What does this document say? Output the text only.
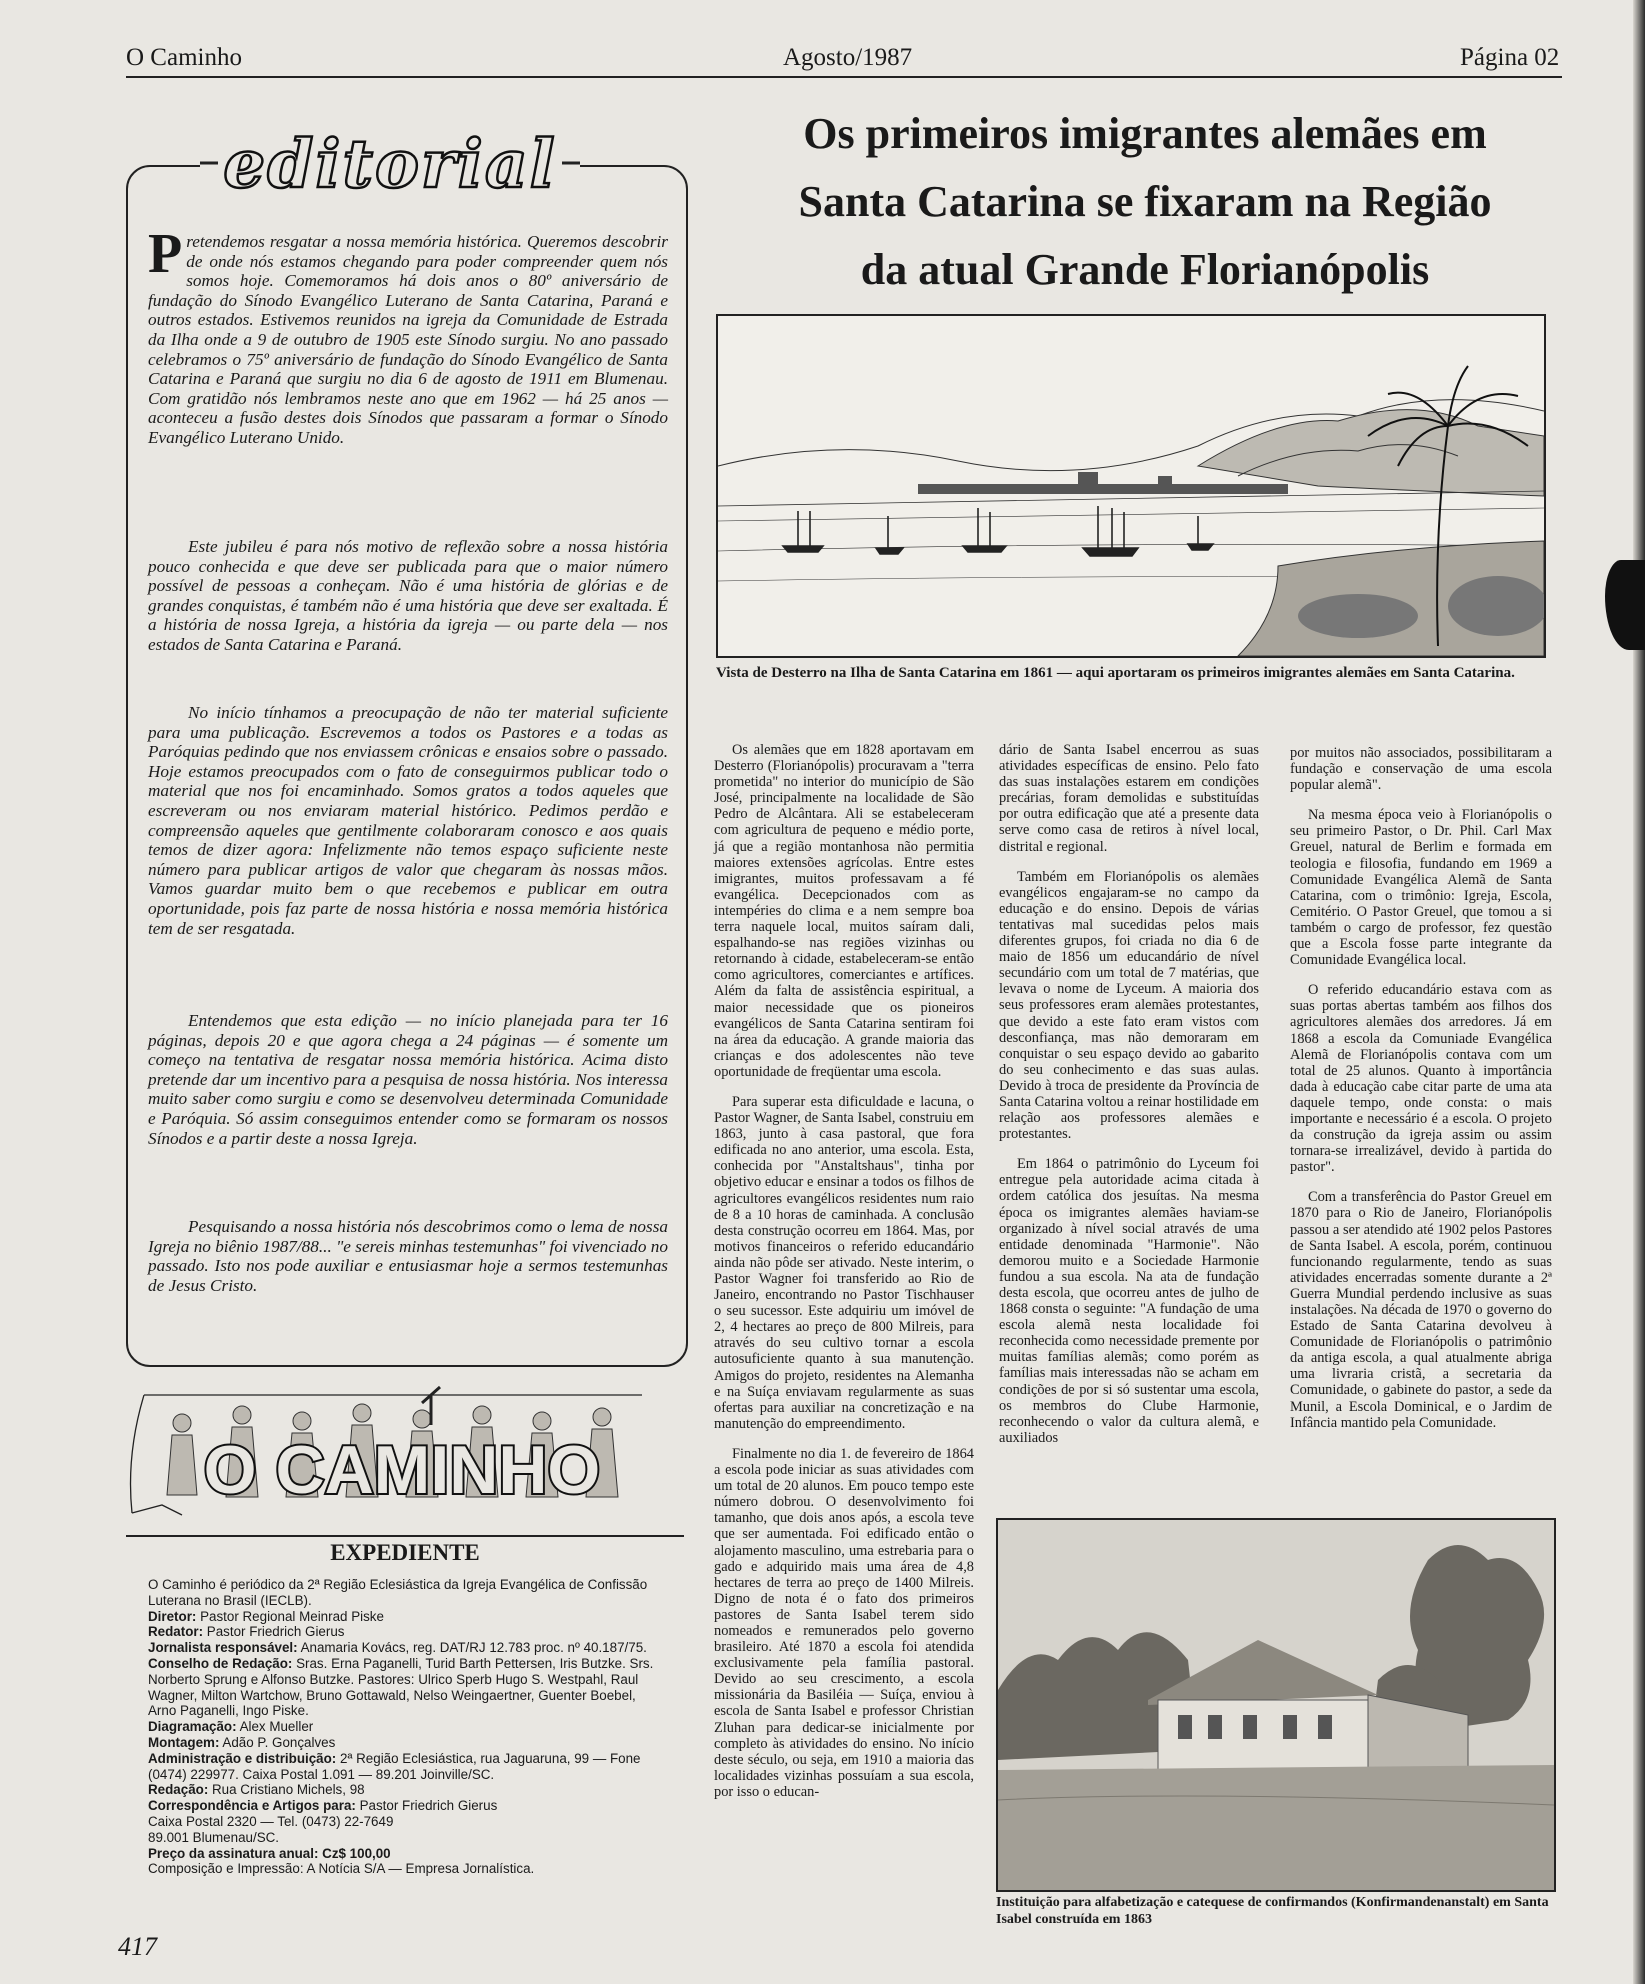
O Caminho	Agosto/1987	Página 02
editorial

Pretendemos resgatar a nossa memória histórica. Queremos descobrir de onde nós estamos chegando para poder compreender quem nós somos hoje. Comemoramos há dois anos o 80º aniversário de fundação do Sínodo Evangélico Luterano de Santa Catarina, Paraná e outros estados. Estivemos reunidos na igreja da Comunidade de Estrada da Ilha onde a 9 de outubro de 1905 este Sínodo surgiu. No ano passado celebramos o 75º aniversário de fundação do Sínodo Evangélico de Santa Catarina e Paraná que surgiu no dia 6 de agosto de 1911 em Blumenau. Com gratidão nós lembramos neste ano que em 1962 — há 25 anos — aconteceu a fusão destes dois Sínodos que passaram a formar o Sínodo Evangélico Luterano Unido.

Este jubileu é para nós motivo de reflexão sobre a nossa história pouco conhecida e que deve ser publicada para que o maior número possível de pessoas a conheçam. Não é uma história de glórias e de grandes conquistas, é também não é uma história que deve ser exaltada. É a história de nossa Igreja, a história da igreja — ou parte dela — nos estados de Santa Catarina e Paraná.

No início tínhamos a preocupação de não ter material suficiente para uma publicação. Escrevemos a todos os Pastores e a todas as Paróquias pedindo que nos enviassem crônicas e ensaios sobre o passado. Hoje estamos preocupados com o fato de conseguirmos publicar todo o material que nos foi encaminhado. Somos gratos a todos aqueles que escreveram ou nos enviaram material histórico. Pedimos perdão e compreensão aqueles que gentilmente colaboraram conosco e aos quais temos de dizer agora: Infelizmente não temos espaço suficiente neste número para publicar artigos de valor que chegaram às nossas mãos. Vamos guardar muito bem o que recebemos e publicar em outra oportunidade, pois faz parte de nossa história e nossa memória histórica tem de ser resgatada.

Entendemos que esta edição — no início planejada para ter 16 páginas, depois 20 e que agora chega a 24 páginas — é somente um começo na tentativa de resgatar nossa memória histórica. Acima disto pretende dar um incentivo para a pesquisa de nossa história. Nos interessa muito saber como surgiu e como se desenvolveu determinada Comunidade e Paróquia. Só assim conseguimos entender como se formaram os nossos Sínodos e a partir deste a nossa Igreja.

Pesquisando a nossa história nós descobrimos como o lema de nossa Igreja no biênio 1987/88... "e sereis minhas testemunhas" foi vivenciado no passado. Isto nos pode auxiliar e entusiasmar hoje a sermos testemunhas de Jesus Cristo.

Os primeiros imigrantes alemães em
Santa Catarina se fixaram na Região
da atual Grande Florianópolis
Vista de Desterro na Ilha de Santa Catarina em 1861 — aqui aportaram os primeiros imigrantes alemães em Santa Catarina.

Os alemães que em 1828 aportavam em Desterro (Florianópolis) procuravam a "terra prometida" no interior do município de São José, principalmente na localidade de São Pedro de Alcântara. Ali se estabeleceram com agricultura de pequeno e médio porte, já que a região montanhosa não permitia maiores extensões agrícolas. Entre estes imigrantes, muitos professavam a fé evangélica. Decepcionados com as intempéries do clima e a nem sempre boa terra naquele local, muitos saíram dali, espalhando-se nas regiões vizinhas ou retornando à cidade, estabeleceram-se então como agricultores, comerciantes e artífices. Além da falta de assistência espiritual, a maior necessidade que os pioneiros evangélicos de Santa Catarina sentiram foi na área da educação. A grande maioria das crianças e dos adolescentes não teve oportunidade de freqüentar uma escola.

Para superar esta dificuldade e lacuna, o Pastor Wagner, de Santa Isabel, construiu em 1863, junto à casa pastoral, que fora edificada no ano anterior, uma escola. Esta, conhecida por "Anstaltshaus", tinha por objetivo educar e ensinar a todos os filhos de agricultores evangélicos residentes num raio de 8 a 10 horas de caminhada. A conclusão desta construção ocorreu em 1864. Mas, por motivos financeiros o referido educandário ainda não pôde ser ativado. Neste interim, o Pastor Wagner foi transferido ao Rio de Janeiro, encontrando no Pastor Tischhauser o seu sucessor. Este adquiriu um imóvel de 2, 4 hectares ao preço de 800 Milreis, para através do seu cultivo tornar a escola autosuficiente quanto à sua manutenção. Amigos do projeto, residentes na Alemanha e na Suíça enviavam regularmente as suas ofertas para auxiliar na concretização e na manutenção do empreendimento.

Finalmente no dia 1. de fevereiro de 1864 a escola pode iniciar as suas atividades com um total de 20 alunos. Em pouco tempo este número dobrou. O desenvolvimento foi tamanho, que dois anos após, a escola teve que ser aumentada. Foi edificado então o alojamento masculino, uma estrebaria para o gado e adquirido mais uma área de 4,8 hectares de terra ao preço de 1400 Milreis. Digno de nota é o fato dos primeiros pastores de Santa Isabel terem sido nomeados e remunerados pelo governo brasileiro. Até 1870 a escola foi atendida exclusivamente pela família pastoral. Devido ao seu crescimento, a escola missionária da Basiléia — Suíça, enviou à escola de Santa Isabel e professor Christian Zluhan para dedicar-se inicialmente por completo às atividades do ensino. No início deste século, ou seja, em 1910 a maioria das localidades vizinhas possuíam a sua escola, por isso o educan-

dário de Santa Isabel encerrou as suas atividades específicas de ensino. Pelo fato das suas instalações estarem em condições precárias, foram demolidas e substituídas por outra edificação que até a presente data serve como casa de retiros à nível local, distrital e regional.

Também em Florianópolis os alemães evangélicos engajaram-se no campo da educação e do ensino. Depois de várias tentativas mal sucedidas pelos mais diferentes grupos, foi criada no dia 6 de maio de 1856 um educandário de nível secundário com um total de 7 matérias, que levava o nome de Lyceum. A maioria dos seus professores eram alemães protestantes, que devido a este fato eram vistos com desconfiança, mas não demoraram em conquistar o seu espaço devido ao gabarito do seu conhecimento e das suas aulas. Devido à troca de presidente da Província de Santa Catarina voltou a reinar hostilidade em relação aos professores alemães e protestantes.

Em 1864 o patrimônio do Lyceum foi entregue pela autoridade acima citada à ordem católica dos jesuítas. Na mesma época os imigrantes alemães haviam-se organizado à nível social através de uma entidade denominada "Harmonie". Não demorou muito e a Sociedade Harmonie fundou a sua escola. Na ata de fundação desta escola, que ocorreu antes de julho de 1868 consta o seguinte: "A fundação de uma escola alemã nesta localidade foi reconhecida como necessidade premente por muitas famílias alemãs; como porém as famílias mais interessadas não se acham em condições de por si só sustentar uma escola, os membros do Clube Harmonie, reconhecendo o valor da cultura alemã, e auxiliados

por muitos não associados, possibilitaram a fundação e conservação de uma escola popular alemã".

Na mesma época veio à Florianópolis o seu primeiro Pastor, o Dr. Phil. Carl Max Greuel, natural de Berlim e formada em teologia e filosofia, fundando em 1969 a Comunidade Evangélica Alemã de Santa Catarina, com o trimônio: Igreja, Escola, Cemitério. O Pastor Greuel, que tomou a si também o cargo de professor, fez questão que a Escola fosse parte integrante da Comunidade Evangélica local.

O referido educandário estava com as suas portas abertas também aos filhos dos agricultores alemães dos arredores. Já em 1868 a escola da Comuniade Evangélica Alemã de Florianópolis contava com um total de 25 alunos. Quanto à importância dada à educação cabe citar parte de uma ata daquele tempo, onde consta: o mais importante e necessário é a escola. O projeto da construção da igreja assim ou assim tornara-se irrealizável, devido à partida do pastor".

Com a transferência do Pastor Greuel em 1870 para o Rio de Janeiro, Florianópolis passou a ser atendido até 1902 pelos Pastores de Santa Isabel. A escola, porém, continuou funcionando regularmente, tendo as suas atividades encerradas somente durante a 2ª Guerra Mundial perdendo inclusive as suas instalações. Na década de 1970 o governo do Estado de Santa Catarina devolveu à Comunidade de Florianópolis o patrimônio da antiga escola, a qual atualmente abriga uma livraria cristã, a secretaria da Comunidade, o gabinete do pastor, a sede da Munil, a Escola Dominical, e o Jardim de Infância mantido pela Comunidade.

Instituição para alfabetização e catequese de confirmandos (Konfirmandenanstalt) em Santa Isabel construída em 1863
O CAMINHO
EXPEDIENTE
O Caminho é periódico da 2ª Região Eclesiástica da Igreja Evangélica de Confissão Luterana no Brasil (IECLB).
Diretor: Pastor Regional Meinrad Piske
Redator: Pastor Friedrich Gierus
Jornalista responsável: Anamaria Kovács, reg. DAT/RJ 12.783 proc. nº 40.187/75.
Conselho de Redação: Sras. Erna Paganelli, Turid Barth Pettersen, Iris Butzke. Srs. Norberto Sprung e Alfonso Butzke. Pastores: Ulrico Sperb Hugo S. Westpahl, Raul Wagner, Milton Wartchow, Bruno Gottawald, Nelso Weingaertner, Guenter Boebel, Arno Paganelli, Ingo Piske.
Diagramação: Alex Mueller
Montagem: Adão P. Gonçalves
Administração e distribuição: 2ª Região Eclesiástica, rua Jaguaruna, 99 — Fone (0474) 229977. Caixa Postal 1.091 — 89.201 Joinville/SC.
Redação: Rua Cristiano Michels, 98
Correspondência e Artigos para: Pastor Friedrich Gierus
Caixa Postal 2320 — Tel. (0473) 22-7649
89.001 Blumenau/SC.
Preço da assinatura anual: Cz$ 100,00
Composição e Impressão: A Notícia S/A — Empresa Jornalística.
417
